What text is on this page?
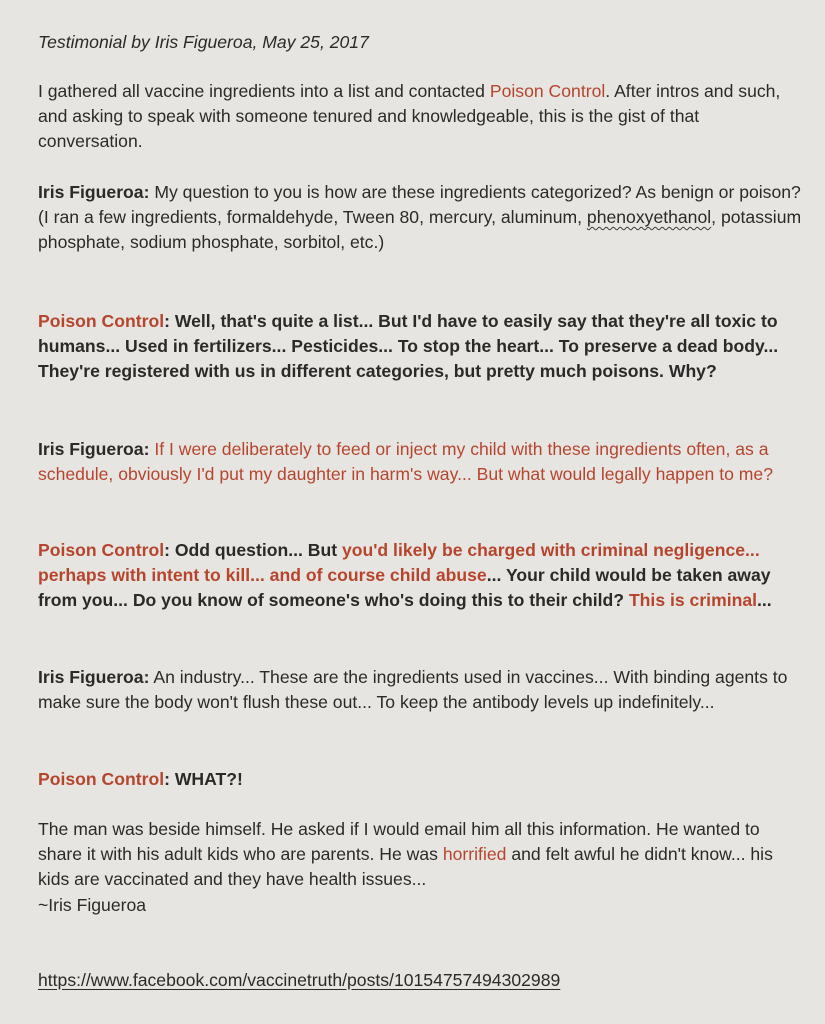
Testimonial by Iris Figueroa, May 25, 2017
I gathered all vaccine ingredients into a list and contacted Poison Control. After intros and such, and asking to speak with someone tenured and knowledgeable, this is the gist of that conversation.
Iris Figueroa: My question to you is how are these ingredients categorized? As benign or poison? (I ran a few ingredients, formaldehyde, Tween 80, mercury, aluminum, phenoxyethanol, potassium phosphate, sodium phosphate, sorbitol, etc.)
Poison Control: Well, that's quite a list... But I'd have to easily say that they're all toxic to humans... Used in fertilizers... Pesticides... To stop the heart... To preserve a dead body... They're registered with us in different categories, but pretty much poisons. Why?
Iris Figueroa: If I were deliberately to feed or inject my child with these ingredients often, as a schedule, obviously I'd put my daughter in harm's way... But what would legally happen to me?
Poison Control: Odd question... But you'd likely be charged with criminal negligence... perhaps with intent to kill... and of course child abuse... Your child would be taken away from you... Do you know of someone's who's doing this to their child? This is criminal...
Iris Figueroa: An industry... These are the ingredients used in vaccines... With binding agents to make sure the body won't flush these out... To keep the antibody levels up indefinitely...
Poison Control: WHAT?!
The man was beside himself. He asked if I would email him all this information. He wanted to share it with his adult kids who are parents. He was horrified and felt awful he didn't know... his kids are vaccinated and they have health issues...
~Iris Figueroa
https://www.facebook.com/vaccinetruth/posts/10154757494302989
